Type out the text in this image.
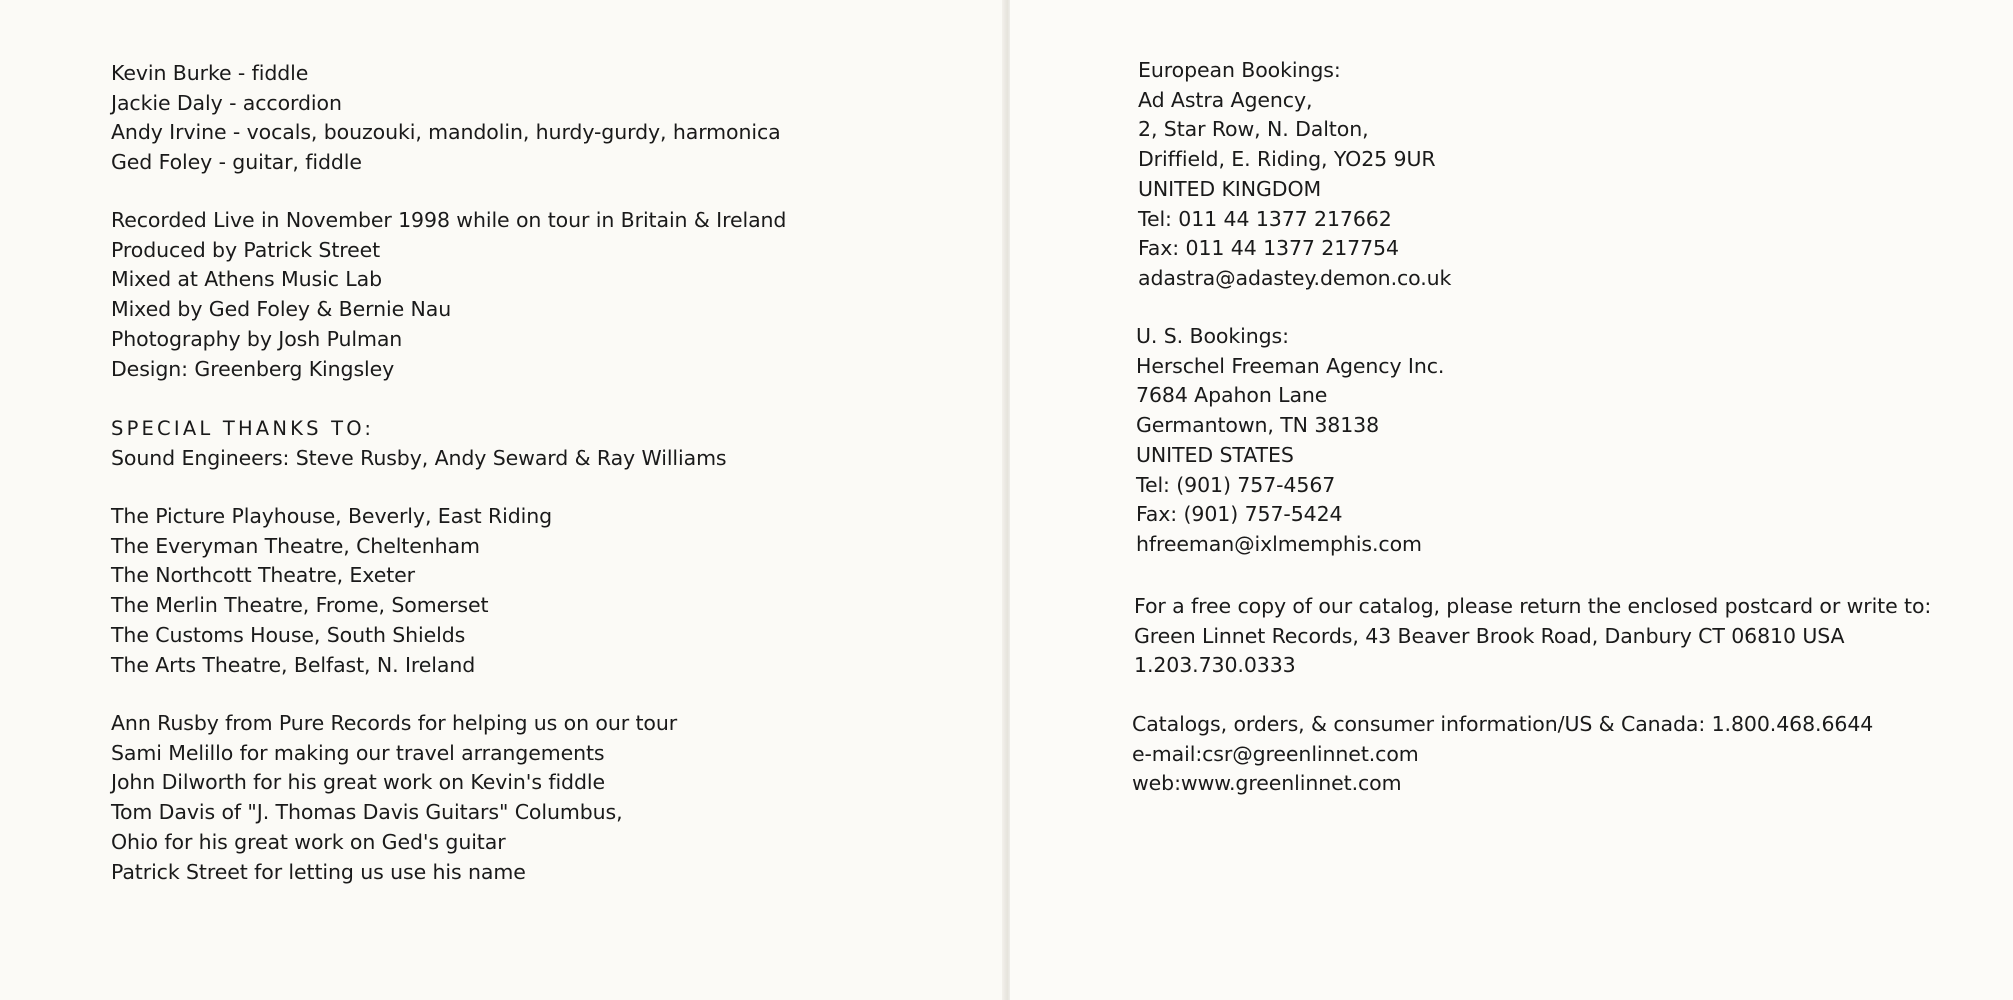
Kevin Burke - fiddle
Jackie Daly - accordion
Andy Irvine - vocals, bouzouki, mandolin, hurdy-gurdy, harmonica
Ged Foley - guitar, fiddle
Recorded Live in November 1998 while on tour in Britain & Ireland
Produced by Patrick Street
Mixed at Athens Music Lab
Mixed by Ged Foley & Bernie Nau
Photography by Josh Pulman
Design: Greenberg Kingsley
SPECIAL THANKS TO:
Sound Engineers: Steve Rusby, Andy Seward & Ray Williams
The Picture Playhouse, Beverly, East Riding
The Everyman Theatre, Cheltenham
The Northcott Theatre, Exeter
The Merlin Theatre, Frome, Somerset
The Customs House, South Shields
The Arts Theatre, Belfast, N. Ireland
Ann Rusby from Pure Records for helping us on our tour
Sami Melillo for making our travel arrangements
John Dilworth for his great work on Kevin's fiddle
Tom Davis of "J. Thomas Davis Guitars" Columbus,
Ohio for his great work on Ged's guitar
Patrick Street for letting us use his name
European Bookings:
Ad Astra Agency,
2, Star Row, N. Dalton,
Driffield, E. Riding, YO25 9UR
UNITED KINGDOM
Tel: 011 44 1377 217662
Fax: 011 44 1377 217754
adastra@adastey.demon.co.uk
U. S. Bookings:
Herschel Freeman Agency Inc.
7684 Apahon Lane
Germantown, TN 38138
UNITED STATES
Tel: (901) 757-4567
Fax: (901) 757-5424
hfreeman@ixlmemphis.com
For a free copy of our catalog, please return the enclosed postcard or write to:
Green Linnet Records, 43 Beaver Brook Road, Danbury CT 06810 USA
1.203.730.0333
Catalogs, orders, & consumer information/US & Canada: 1.800.468.6644
e-mail:csr@greenlinnet.com
web:www.greenlinnet.com
